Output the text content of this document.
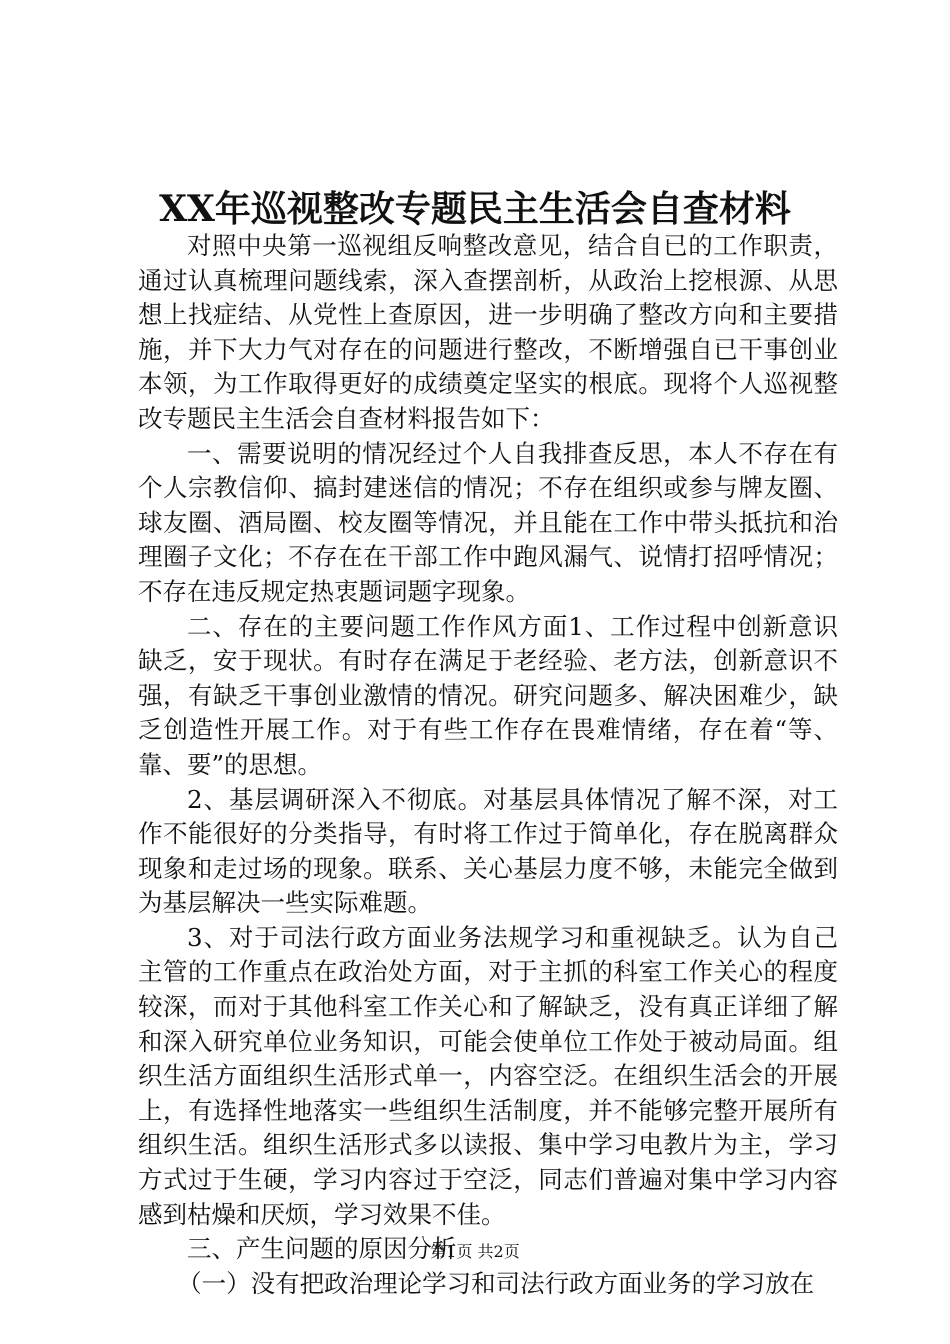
XX年巡视整改专题民主生活会自查材料

对照中央第一巡视组反响整改意见，结合自已的工作职责，通过认真梳理问题线索，深入查摆剖析，从政治上挖根源、从思想上找症结、从党性上查原因，进一步明确了整改方向和主要措施，并下大力气对存在的问题进行整改，不断增强自已干事创业本领，为工作取得更好的成绩奠定坚实的根底。现将个人巡视整改专题民主生活会自查材料报告如下：

一、需要说明的情况经过个人自我排查反思，本人不存在有个人宗教信仰、搞封建迷信的情况；不存在组织或参与牌友圈、球友圈、酒局圈、校友圈等情况，并且能在工作中带头抵抗和治理圈子文化；不存在在干部工作中跑风漏气、说情打招呼情况；不存在违反规定热衷题词题字现象。

二、存在的主要问题工作作风方面1、工作过程中创新意识缺乏，安于现状。有时存在满足于老经验、老方法，创新意识不强，有缺乏干事创业激情的情况。研究问题多、解决困难少，缺乏创造性开展工作。对于有些工作存在畏难情绪，存在着“等、靠、要”的思想。

2、基层调研深入不彻底。对基层具体情况了解不深，对工作不能很好的分类指导，有时将工作过于简单化，存在脱离群众现象和走过场的现象。联系、关心基层力度不够，未能完全做到为基层解决一些实际难题。

3、对于司法行政方面业务法规学习和重视缺乏。认为自己主管的工作重点在政治处方面，对于主抓的科室工作关心的程度较深，而对于其他科室工作关心和了解缺乏，没有真正详细了解和深入研究单位业务知识，可能会使单位工作处于被动局面。组织生活方面组织生活形式单一，内容空泛。在组织生活会的开展上，有选择性地落实一些组织生活制度，并不能够完整开展所有组织生活。组织生活形式多以读报、集中学习电教片为主，学习方式过于生硬，学习内容过于空泛，同志们普遍对集中学习内容感到枯燥和厌烦，学习效果不佳。

三、产生问题的原因分析

（一）没有把政治理论学习和司法行政方面业务的学习放在

第1页 共2页
